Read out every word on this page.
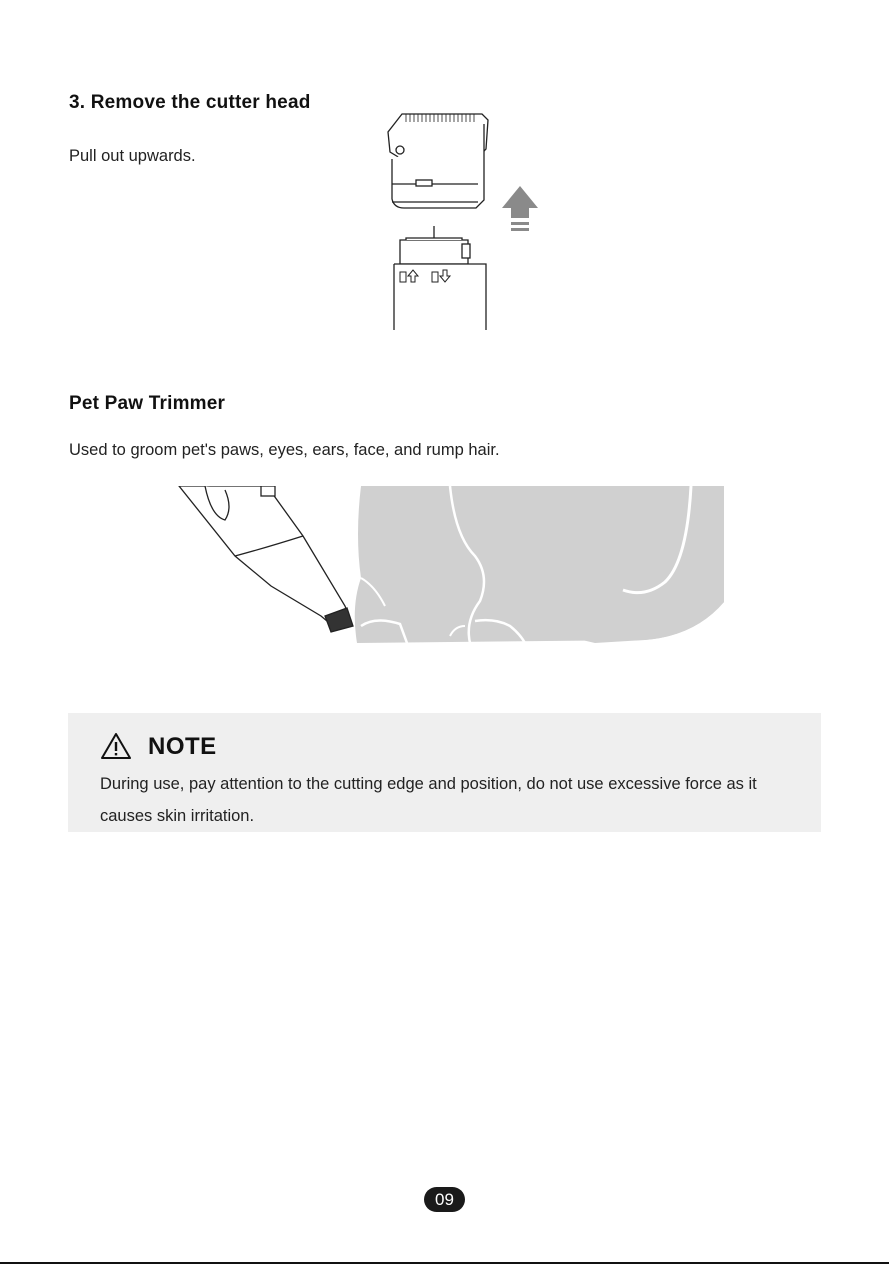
3. Remove the cutter head
Pull out upwards.
Pet Paw Trimmer
Used to groom pet's paws, eyes, ears, face, and rump hair.
NOTE
During use, pay attention to the cutting edge and position, do not use excessive force as it causes skin irritation.
09
